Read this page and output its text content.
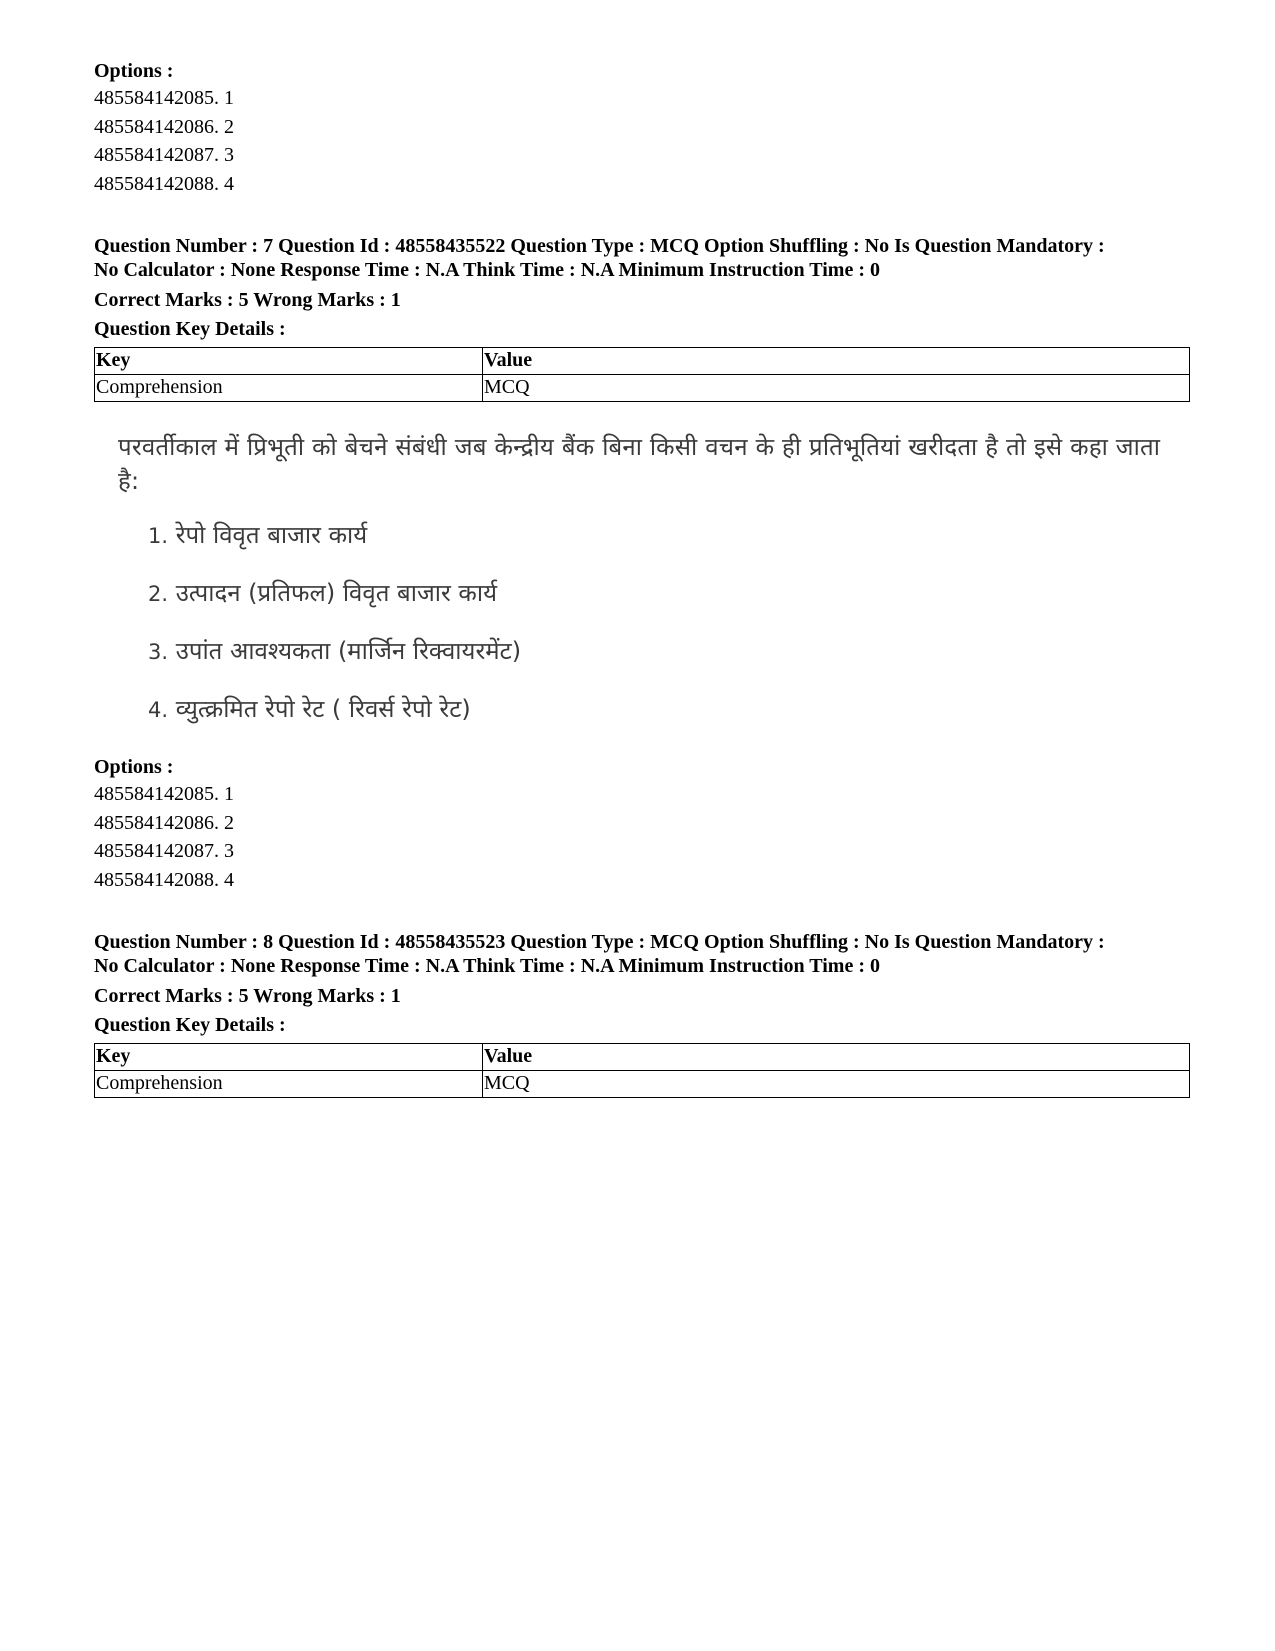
Options :

485584142085. 1

485584142086. 2

485584142087. 3

485584142088. 4

Question Number : 7 Question Id : 48558435522 Question Type : MCQ Option Shuffling : No Is Question Mandatory :

No Calculator : None Response Time : N.A Think Time : N.A Minimum Instruction Time : 0

Correct Marks : 5 Wrong Marks : 1
Question Key Details :
Key	Value
Comprehension	MCQ

परवर्तीकाल में प्रिभूती को बेचने संबंधी जब केन्द्रीय बैंक बिना किसी वचन के ही प्रतिभूतियां खरीदता है तो इसे कहा जाता है:

1. रेपो विवृत बाजार कार्य

2. उत्पादन (प्रतिफल) विवृत बाजार कार्य

3. उपांत आवश्यकता (मार्जिन रिक्वायरमेंट)

4. व्युत्क्रमित रेपो रेट ( रिवर्स रेपो रेट)

Options :

485584142085. 1

485584142086. 2

485584142087. 3

485584142088. 4

Question Number : 8 Question Id : 48558435523 Question Type : MCQ Option Shuffling : No Is Question Mandatory :

No Calculator : None Response Time : N.A Think Time : N.A Minimum Instruction Time : 0

Correct Marks : 5 Wrong Marks : 1
Question Key Details :
Key	Value
Comprehension	MCQ
